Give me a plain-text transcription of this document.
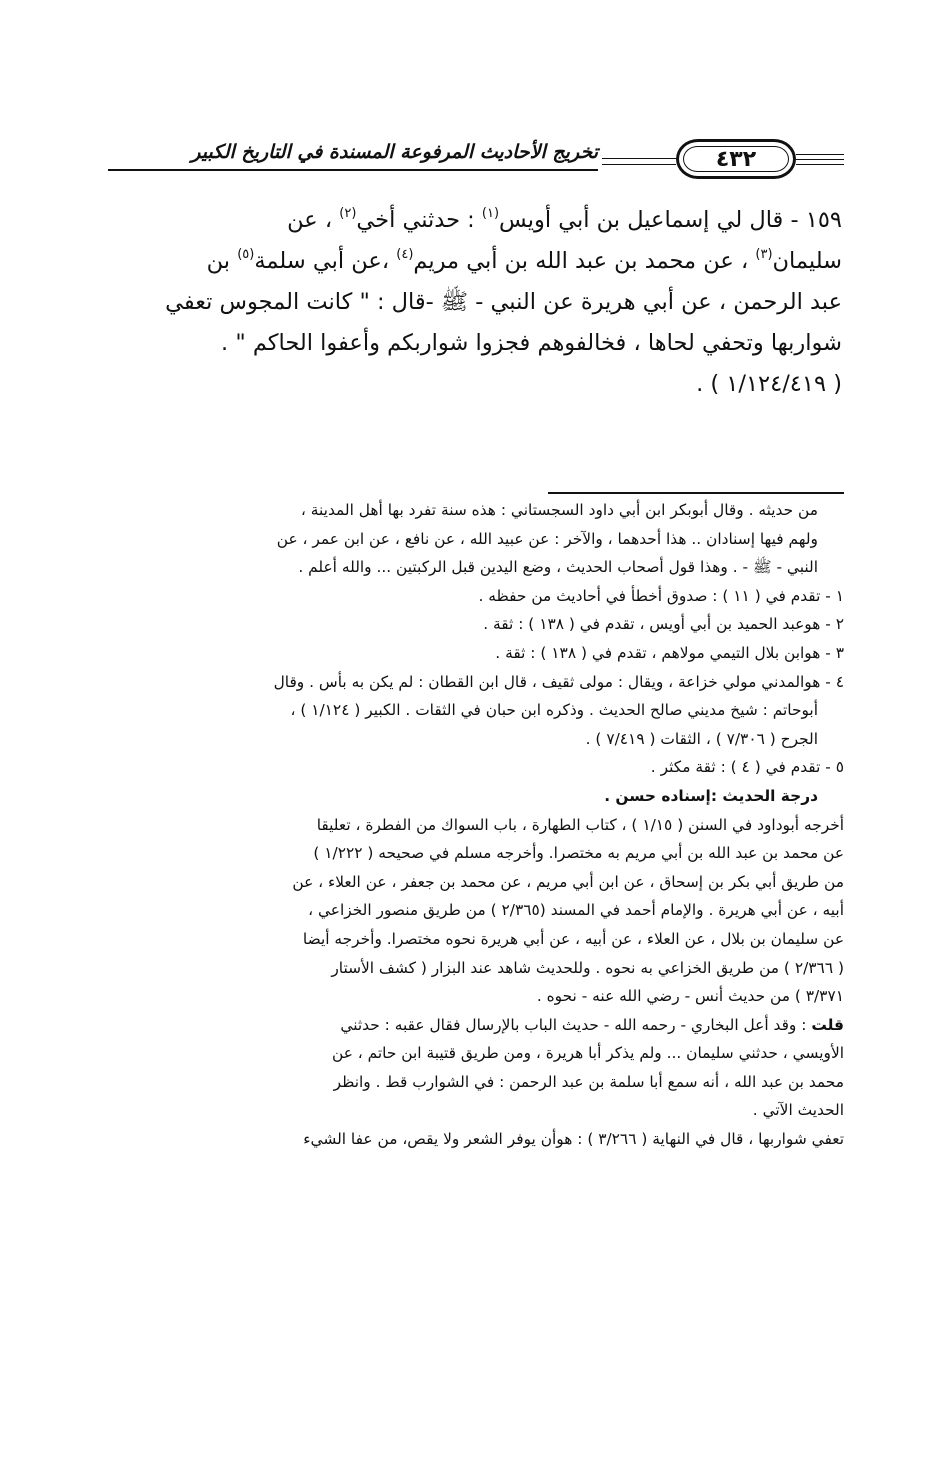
٤٣٢
تخريج الأحاديث المرفوعة المسندة في التاريخ الكبير
١٥٩ - قال لي إسماعيل بن أبي أويس$^{(١)}$ : حدثني أخي$^{(٢)}$ ، عن
سليمان$^{(٣)}$ ، عن محمد بن عبد الله بن أبي مريم$^{(٤)}$ ،عن أبي سلمة$^{(٥)}$ بن
عبد الرحمن ، عن أبي هريرة عن النبي - ﷺ -قال : " كانت المجوس تعفي
شواربها وتحفي لحاها ، فخالفوهم فجزوا شواربكم وأعفوا الحاكم " .
( ١/١٢٤/٤١٩ ) .
من حديثه . وقال أبوبكر ابن أبي داود السجستاني : هذه سنة تفرد بها أهل المدينة ،
ولهم فيها إسنادان .. هذا أحدهما ، والآخر : عن عبيد الله ، عن نافع ، عن ابن عمر ، عن
النبي - ﷺ - . وهذا قول أصحاب الحديث ، وضع اليدين قبل الركبتين ... والله أعلم .
١ - تقدم في ( ١١ ) : صدوق أخطأ في أحاديث من حفظه .
٢ - هوعبد الحميد بن أبي أويس ، تقدم في ( ١٣٨ ) : ثقة .
٣ - هوابن بلال التيمي مولاهم ، تقدم في ( ١٣٨ ) : ثقة .
٤ - هوالمدني مولي خزاعة ، ويقال : مولى ثقيف ، قال ابن القطان : لم يكن به بأس . وقال
أبوحاتم : شيخ مديني صالح الحديث . وذكره ابن حبان في الثقات . الكبير ( ١/١٢٤ ) ،
الجرح ( ٧/٣٠٦ ) ، الثقات ( ٧/٤١٩ ) .
٥ - تقدم في ( ٤ ) : ثقة مكثر .
درجة الحديث :إسناده حسن .
أخرجه أبوداود في السنن ( ١/١٥ ) ، كتاب الطهارة ، باب السواك من الفطرة ، تعليقا
عن محمد بن عبد الله بن أبي مريم به مختصرا. وأخرجه مسلم في صحيحه ( ١/٢٢٢ )
من طريق أبي بكر بن إسحاق ، عن ابن أبي مريم ، عن محمد بن جعفر ، عن العلاء ، عن
أبيه ، عن أبي هريرة . والإمام أحمد في المسند (٢/٣٦٥ ) من طريق منصور الخزاعي ،
عن سليمان بن بلال ، عن العلاء ، عن أبيه ، عن أبي هريرة نحوه مختصرا. وأخرجه أيضا
( ٢/٣٦٦ ) من طريق الخزاعي به نحوه . وللحديث شاهد عند البزار ( كشف الأستار
٣/٣٧١ ) من حديث أنس - رضي الله عنه - نحوه .
قلت : وقد أعل البخاري - رحمه الله - حديث الباب بالإرسال فقال عقبه : حدثني
الأويسي ، حدثني سليمان ... ولم يذكر أبا هريرة ، ومن طريق قتيبة ابن حاتم ، عن
محمد بن عبد الله ، أنه سمع أبا سلمة بن عبد الرحمن : في الشوارب قط . وانظر
الحديث الآتي .
تعفي شواربها ، قال في النهاية ( ٣/٢٦٦ ) : هوأن يوفر الشعر ولا يقص، من عفا الشيء
